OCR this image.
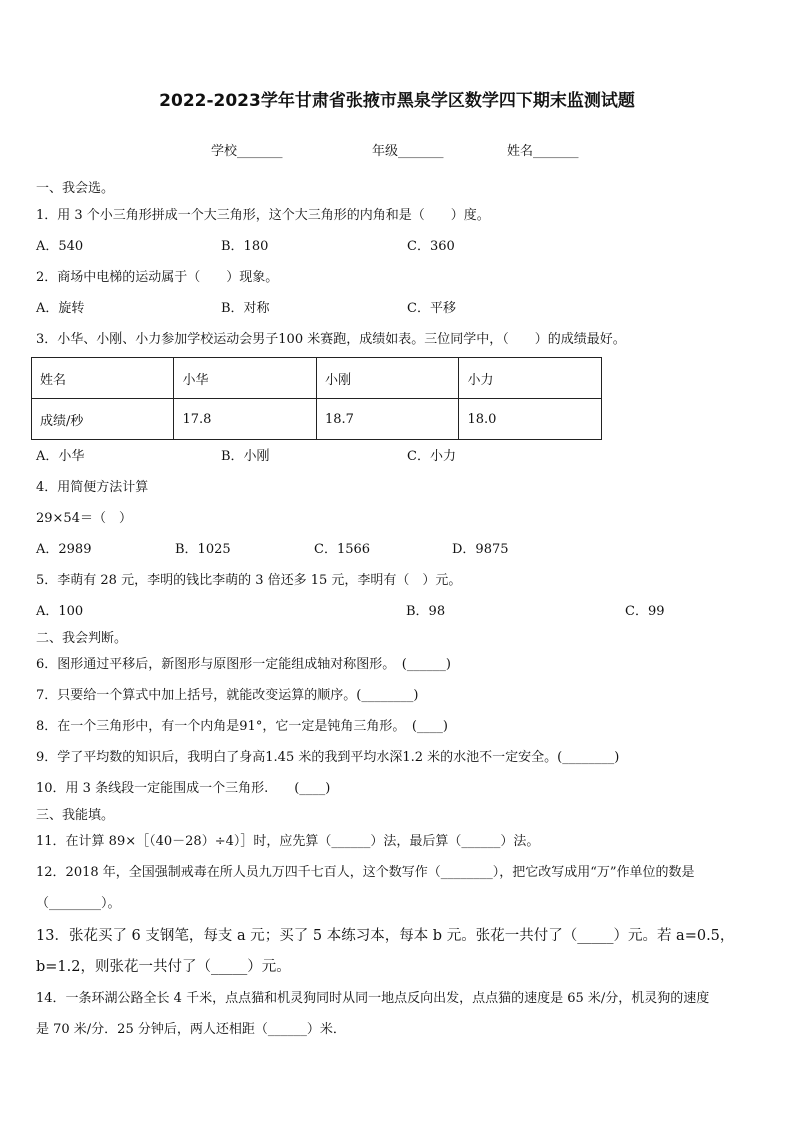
2022-2023学年甘肃省张掖市黑泉学区数学四下期末监测试题
学校_______	年级_______	姓名_______
一、我会选。
1．用 3 个小三角形拼成一个大三角形，这个大三角形的内角和是（　　）度。
A．540	B．180	C．360
2．商场中电梯的运动属于（　　）现象。
A．旋转	B．对称	C．平移
3．小华、小刚、小力参加学校运动会男子100 米赛跑，成绩如表。三位同学中，（　　）的成绩最好。
姓名	小华	小刚	小力
成绩/秒	17.8	18.7	18.0
A．小华	B．小刚	C．小力
4．用简便方法计算
29×54＝（　）
A．2989	B．1025	C．1566	D．9875
5．李萌有 28 元，李明的钱比李萌的 3 倍还多 15 元，李明有（　）元。
A．100	B．98	C．99
二、我会判断。
6．图形通过平移后，新图形与原图形一定能组成轴对称图形。　(______)
7．只要给一个算式中加上括号，就能改变运算的顺序。(________)
8．在一个三角形中，有一个内角是91°，它一定是钝角三角形。　(____)
9．学了平均数的知识后，我明白了身高1.45 米的我到平均水深1.2 米的水池不一定安全。(________)
10．用 3 条线段一定能围成一个三角形.　　(____)
三、我能填。
11．在计算 89×［（40－28）÷4）］时，应先算（______）法，最后算（______）法。
12．2018 年，全国强制戒毒在所人员九万四千七百人，这个数写作（________），把它改写成用“万”作单位的数是
（________）。
13．张花买了 6 支钢笔，每支 a 元；买了 5 本练习本，每本 b 元。张花一共付了（_____）元。若 a=0.5，
b=1.2，则张花一共付了（_____）元。
14．一条环湖公路全长 4 千米，点点猫和机灵狗同时从同一地点反向出发，点点猫的速度是 65 米/分，机灵狗的速度
是 70 米/分．25 分钟后，两人还相距（______）米．
